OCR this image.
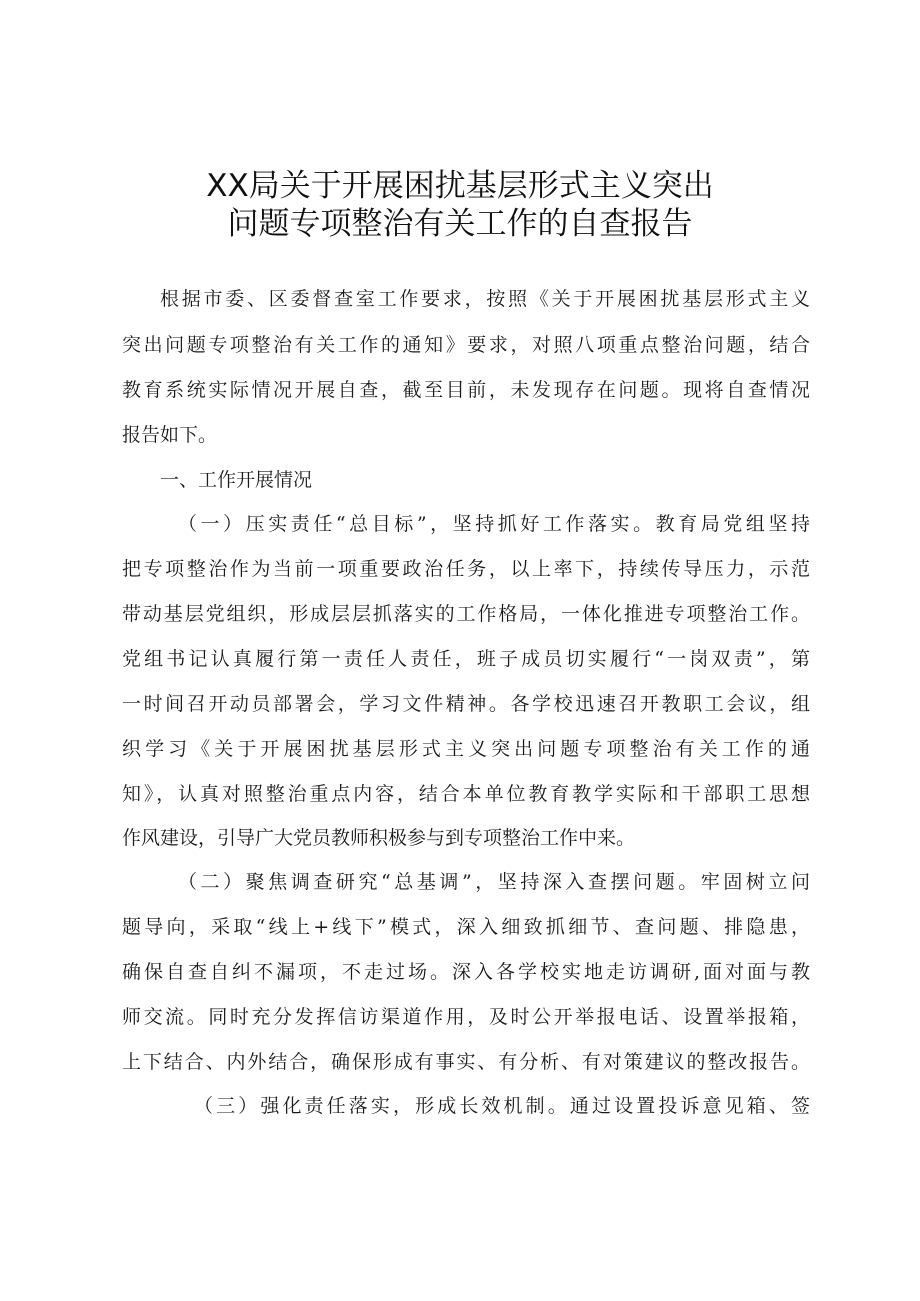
XX局关于开展困扰基层形式主义突出
问题专项整治有关工作的自查报告
根据市委、区委督查室工作要求，按照《关于开展困扰基层形式主义
突出问题专项整治有关工作的通知》要求，对照八项重点整治问题，结合
教育系统实际情况开展自查，截至目前，未发现存在问题。现将自查情况
报告如下。
一、工作开展情况
（一）压实责任“总目标”，坚持抓好工作落实。教育局党组坚持
把专项整治作为当前一项重要政治任务，以上率下，持续传导压力，示范
带动基层党组织，形成层层抓落实的工作格局，一体化推进专项整治工作。
党组书记认真履行第一责任人责任，班子成员切实履行“一岗双责”，第
一时间召开动员部署会，学习文件精神。各学校迅速召开教职工会议，组
织学习《关于开展困扰基层形式主义突出问题专项整治有关工作的通
知》，认真对照整治重点内容，结合本单位教育教学实际和干部职工思想
作风建设，引导广大党员教师积极参与到专项整治工作中来。
（二）聚焦调查研究“总基调”，坚持深入查摆问题。牢固树立问
题导向，采取“线上+线下”模式，深入细致抓细节、查问题、排隐患，
确保自查自纠不漏项，不走过场。深入各学校实地走访调研,面对面与教
师交流。同时充分发挥信访渠道作用，及时公开举报电话、设置举报箱，
上下结合、内外结合，确保形成有事实、有分析、有对策建议的整改报告。
（三）强化责任落实，形成长效机制。通过设置投诉意见箱、签
